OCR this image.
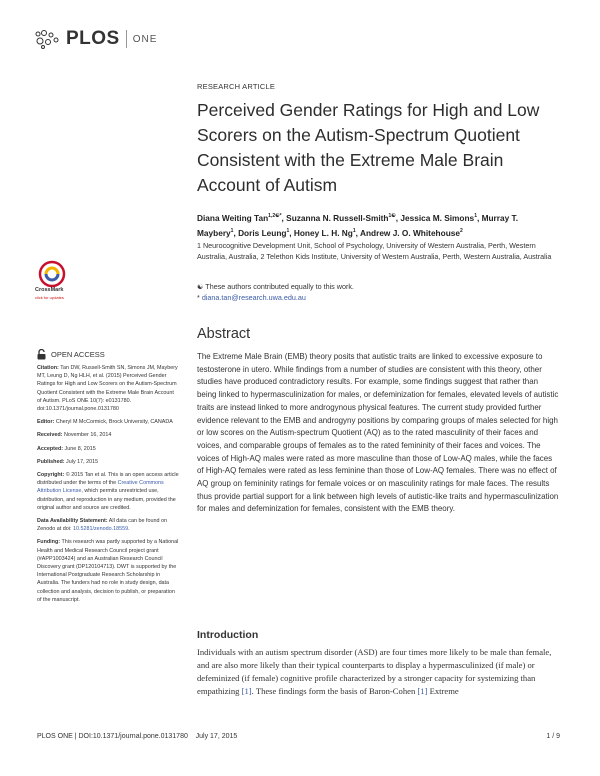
PLOS ONE
RESEARCH ARTICLE
Perceived Gender Ratings for High and Low Scorers on the Autism-Spectrum Quotient Consistent with the Extreme Male Brain Account of Autism
Diana Weiting Tan$^{1,2☯*}$, Suzanna N. Russell-Smith$^{1☯}$, Jessica M. Simons$^1$, Murray T. Maybery$^1$, Doris Leung$^1$, Honey L. H. Ng$^1$, Andrew J. O. Whitehouse$^2$
1 Neurocognitive Development Unit, School of Psychology, University of Western Australia, Perth, Western Australia, Australia, 2 Telethon Kids Institute, University of Western Australia, Perth, Western Australia, Australia
☯ These authors contributed equally to this work.
* diana.tan@research.uwa.edu.au
CrossMark
click for updates
OPEN ACCESS

Citation: Tan DW, Russell-Smith SN, Simons JM, Maybery MT, Leung D, Ng HLH, et al. (2015) Perceived Gender Ratings for High and Low Scorers on the Autism-Spectrum Quotient Consistent with the Extreme Male Brain Account of Autism. PLoS ONE 10(7): e0131780. doi:10.1371/journal.pone.0131780

Editor: Cheryl M McCormick, Brock University, CANADA

Received: November 16, 2014

Accepted: June 8, 2015

Published: July 17, 2015

Copyright: © 2015 Tan et al. This is an open access article distributed under the terms of the Creative Commons Attribution License, which permits unrestricted use, distribution, and reproduction in any medium, provided the original author and source are credited.

Data Availability Statement: All data can be found on Zenodo at doi: 10.5281/zenodo.18559.

Funding: This research was partly supported by a National Health and Medical Research Council project grant (#APP1003424) and an Australian Research Council Discovery grant (DP120104713). DWT is supported by the International Postgraduate Research Scholarship in Australia. The funders had no role in study design, data collection and analysis, decision to publish, or preparation of the manuscript.

Abstract

The Extreme Male Brain (EMB) theory posits that autistic traits are linked to excessive exposure to testosterone in utero. While findings from a number of studies are consistent with this theory, other studies have produced contradictory results. For example, some findings suggest that rather than being linked to hypermasculinization for males, or defeminization for females, elevated levels of autistic traits are instead linked to more androgynous physical features. The current study provided further evidence relevant to the EMB and androgyny positions by comparing groups of males selected for high or low scores on the Autism-spectrum Quotient (AQ) as to the rated masculinity of their faces and voices, and comparable groups of females as to the rated femininity of their faces and voices. The voices of High-AQ males were rated as more masculine than those of Low-AQ males, while the faces of High-AQ females were rated as less feminine than those of Low-AQ females. There was no effect of AQ group on femininity ratings for female voices or on masculinity ratings for male faces. The results thus provide partial support for a link between high levels of autistic-like traits and hypermasculinization for males and defeminization for females, consistent with the EMB theory.

Introduction

Individuals with an autism spectrum disorder (ASD) are four times more likely to be male than female, and are also more likely than their typical counterparts to display a hypermasculinized (if male) or defeminized (if female) cognitive profile characterized by a stronger capacity for systemizing than empathizing [1]. These findings form the basis of Baron-Cohen [1] Extreme

PLOS ONE | DOI:10.1371/journal.pone.0131780    July 17, 2015	1 / 9
